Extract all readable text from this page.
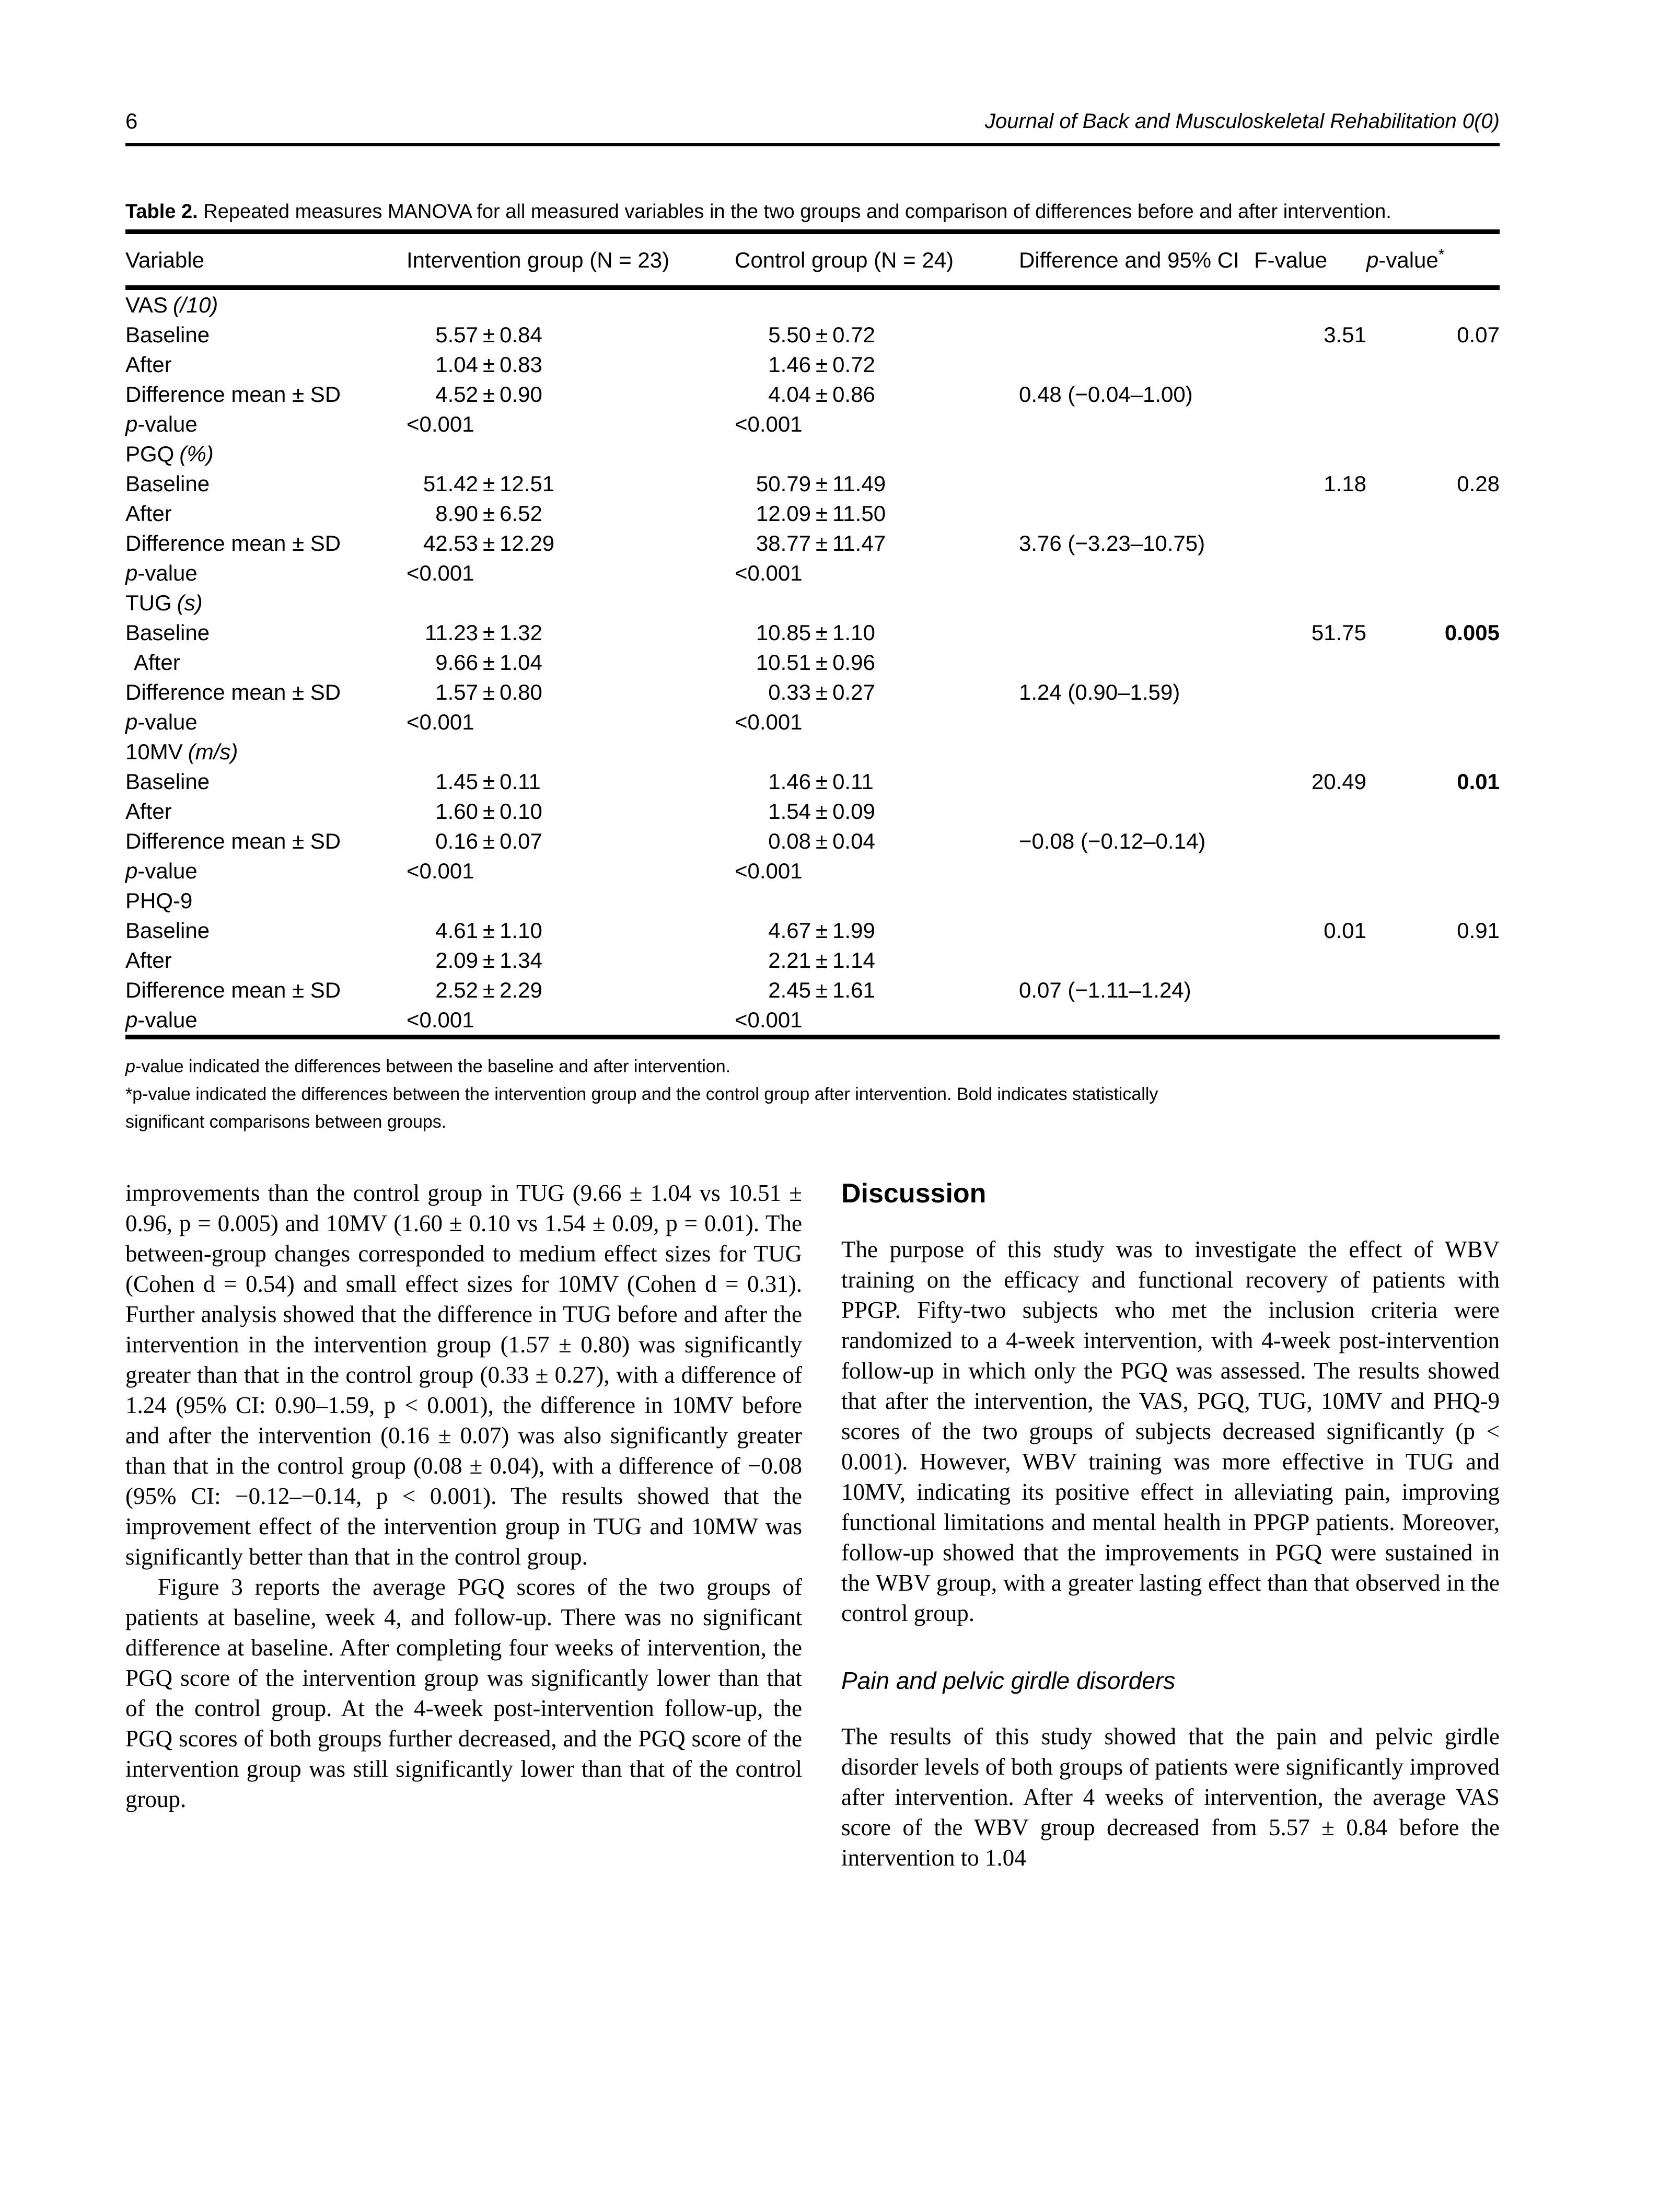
6	Journal of Back and Musculoskeletal Rehabilitation 0(0)

Table 2. Repeated measures MANOVA for all measured variables in the two groups and comparison of differences before and after intervention.

Variable	Intervention group (N = 23)	Control group (N = 24)	Difference and 95% CI	F-value	p-value*
VAS (/10)					
Baseline	5.57 ± 0.84	5.50 ± 0.72		3.51	0.07
After	1.04 ± 0.83	1.46 ± 0.72			
Difference mean ± SD	4.52 ± 0.90	4.04 ± 0.86	0.48 (−0.04–1.00)		
p-value	<0.001	<0.001			
PGQ (%)					
Baseline	51.42 ± 12.51	50.79 ± 11.49		1.18	0.28
After	8.90 ± 6.52	12.09 ± 11.50			
Difference mean ± SD	42.53 ± 12.29	38.77 ± 11.47	3.76 (−3.23–10.75)		
p-value	<0.001	<0.001			
TUG (s)					
Baseline	11.23 ± 1.32	10.85 ± 1.10		51.75	0.005
After	9.66 ± 1.04	10.51 ± 0.96			
Difference mean ± SD	1.57 ± 0.80	0.33 ± 0.27	1.24 (0.90–1.59)		
p-value	<0.001	<0.001			
10MV (m/s)					
Baseline	1.45 ± 0.11	1.46 ± 0.11		20.49	0.01
After	1.60 ± 0.10	1.54 ± 0.09			
Difference mean ± SD	0.16 ± 0.07	0.08 ± 0.04	−0.08 (−0.12–0.14)		
p-value	<0.001	<0.001			
PHQ-9					
Baseline	4.61 ± 1.10	4.67 ± 1.99		0.01	0.91
After	2.09 ± 1.34	2.21 ± 1.14			
Difference mean ± SD	2.52 ± 2.29	2.45 ± 1.61	0.07 (−1.11–1.24)		
p-value	<0.001	<0.001			
p-value indicated the differences between the baseline and after intervention.
*p-value indicated the differences between the intervention group and the control group after intervention. Bold indicates statistically significant comparisons between groups.

improvements than the control group in TUG (9.66 ± 1.04 vs 10.51 ± 0.96, p = 0.005) and 10MV (1.60 ± 0.10 vs 1.54 ± 0.09, p = 0.01). The between-group changes corresponded to medium effect sizes for TUG (Cohen d = 0.54) and small effect sizes for 10MV (Cohen d = 0.31). Further analysis showed that the difference in TUG before and after the intervention in the intervention group (1.57 ± 0.80) was significantly greater than that in the control group (0.33 ± 0.27), with a difference of 1.24 (95% CI: 0.90–1.59, p < 0.001), the difference in 10MV before and after the intervention (0.16 ± 0.07) was also significantly greater than that in the control group (0.08 ± 0.04), with a difference of −0.08 (95% CI: −0.12–−0.14, p < 0.001). The results showed that the improvement effect of the intervention group in TUG and 10MW was significantly better than that in the control group.

Figure 3 reports the average PGQ scores of the two groups of patients at baseline, week 4, and follow-up. There was no significant difference at baseline. After completing four weeks of intervention, the PGQ score of the intervention group was significantly lower than that of the control group. At the 4-week post-intervention follow-up, the PGQ scores of both groups further decreased, and the PGQ score of the intervention group was still significantly lower than that of the control group.

Discussion

The purpose of this study was to investigate the effect of WBV training on the efficacy and functional recovery of patients with PPGP. Fifty-two subjects who met the inclusion criteria were randomized to a 4-week intervention, with 4-week post-intervention follow-up in which only the PGQ was assessed. The results showed that after the intervention, the VAS, PGQ, TUG, 10MV and PHQ-9 scores of the two groups of subjects decreased significantly (p < 0.001). However, WBV training was more effective in TUG and 10MV, indicating its positive effect in alleviating pain, improving functional limitations and mental health in PPGP patients. Moreover, follow-up showed that the improvements in PGQ were sustained in the WBV group, with a greater lasting effect than that observed in the control group.

Pain and pelvic girdle disorders

The results of this study showed that the pain and pelvic girdle disorder levels of both groups of patients were significantly improved after intervention. After 4 weeks of intervention, the average VAS score of the WBV group decreased from 5.57 ± 0.84 before the intervention to 1.04
